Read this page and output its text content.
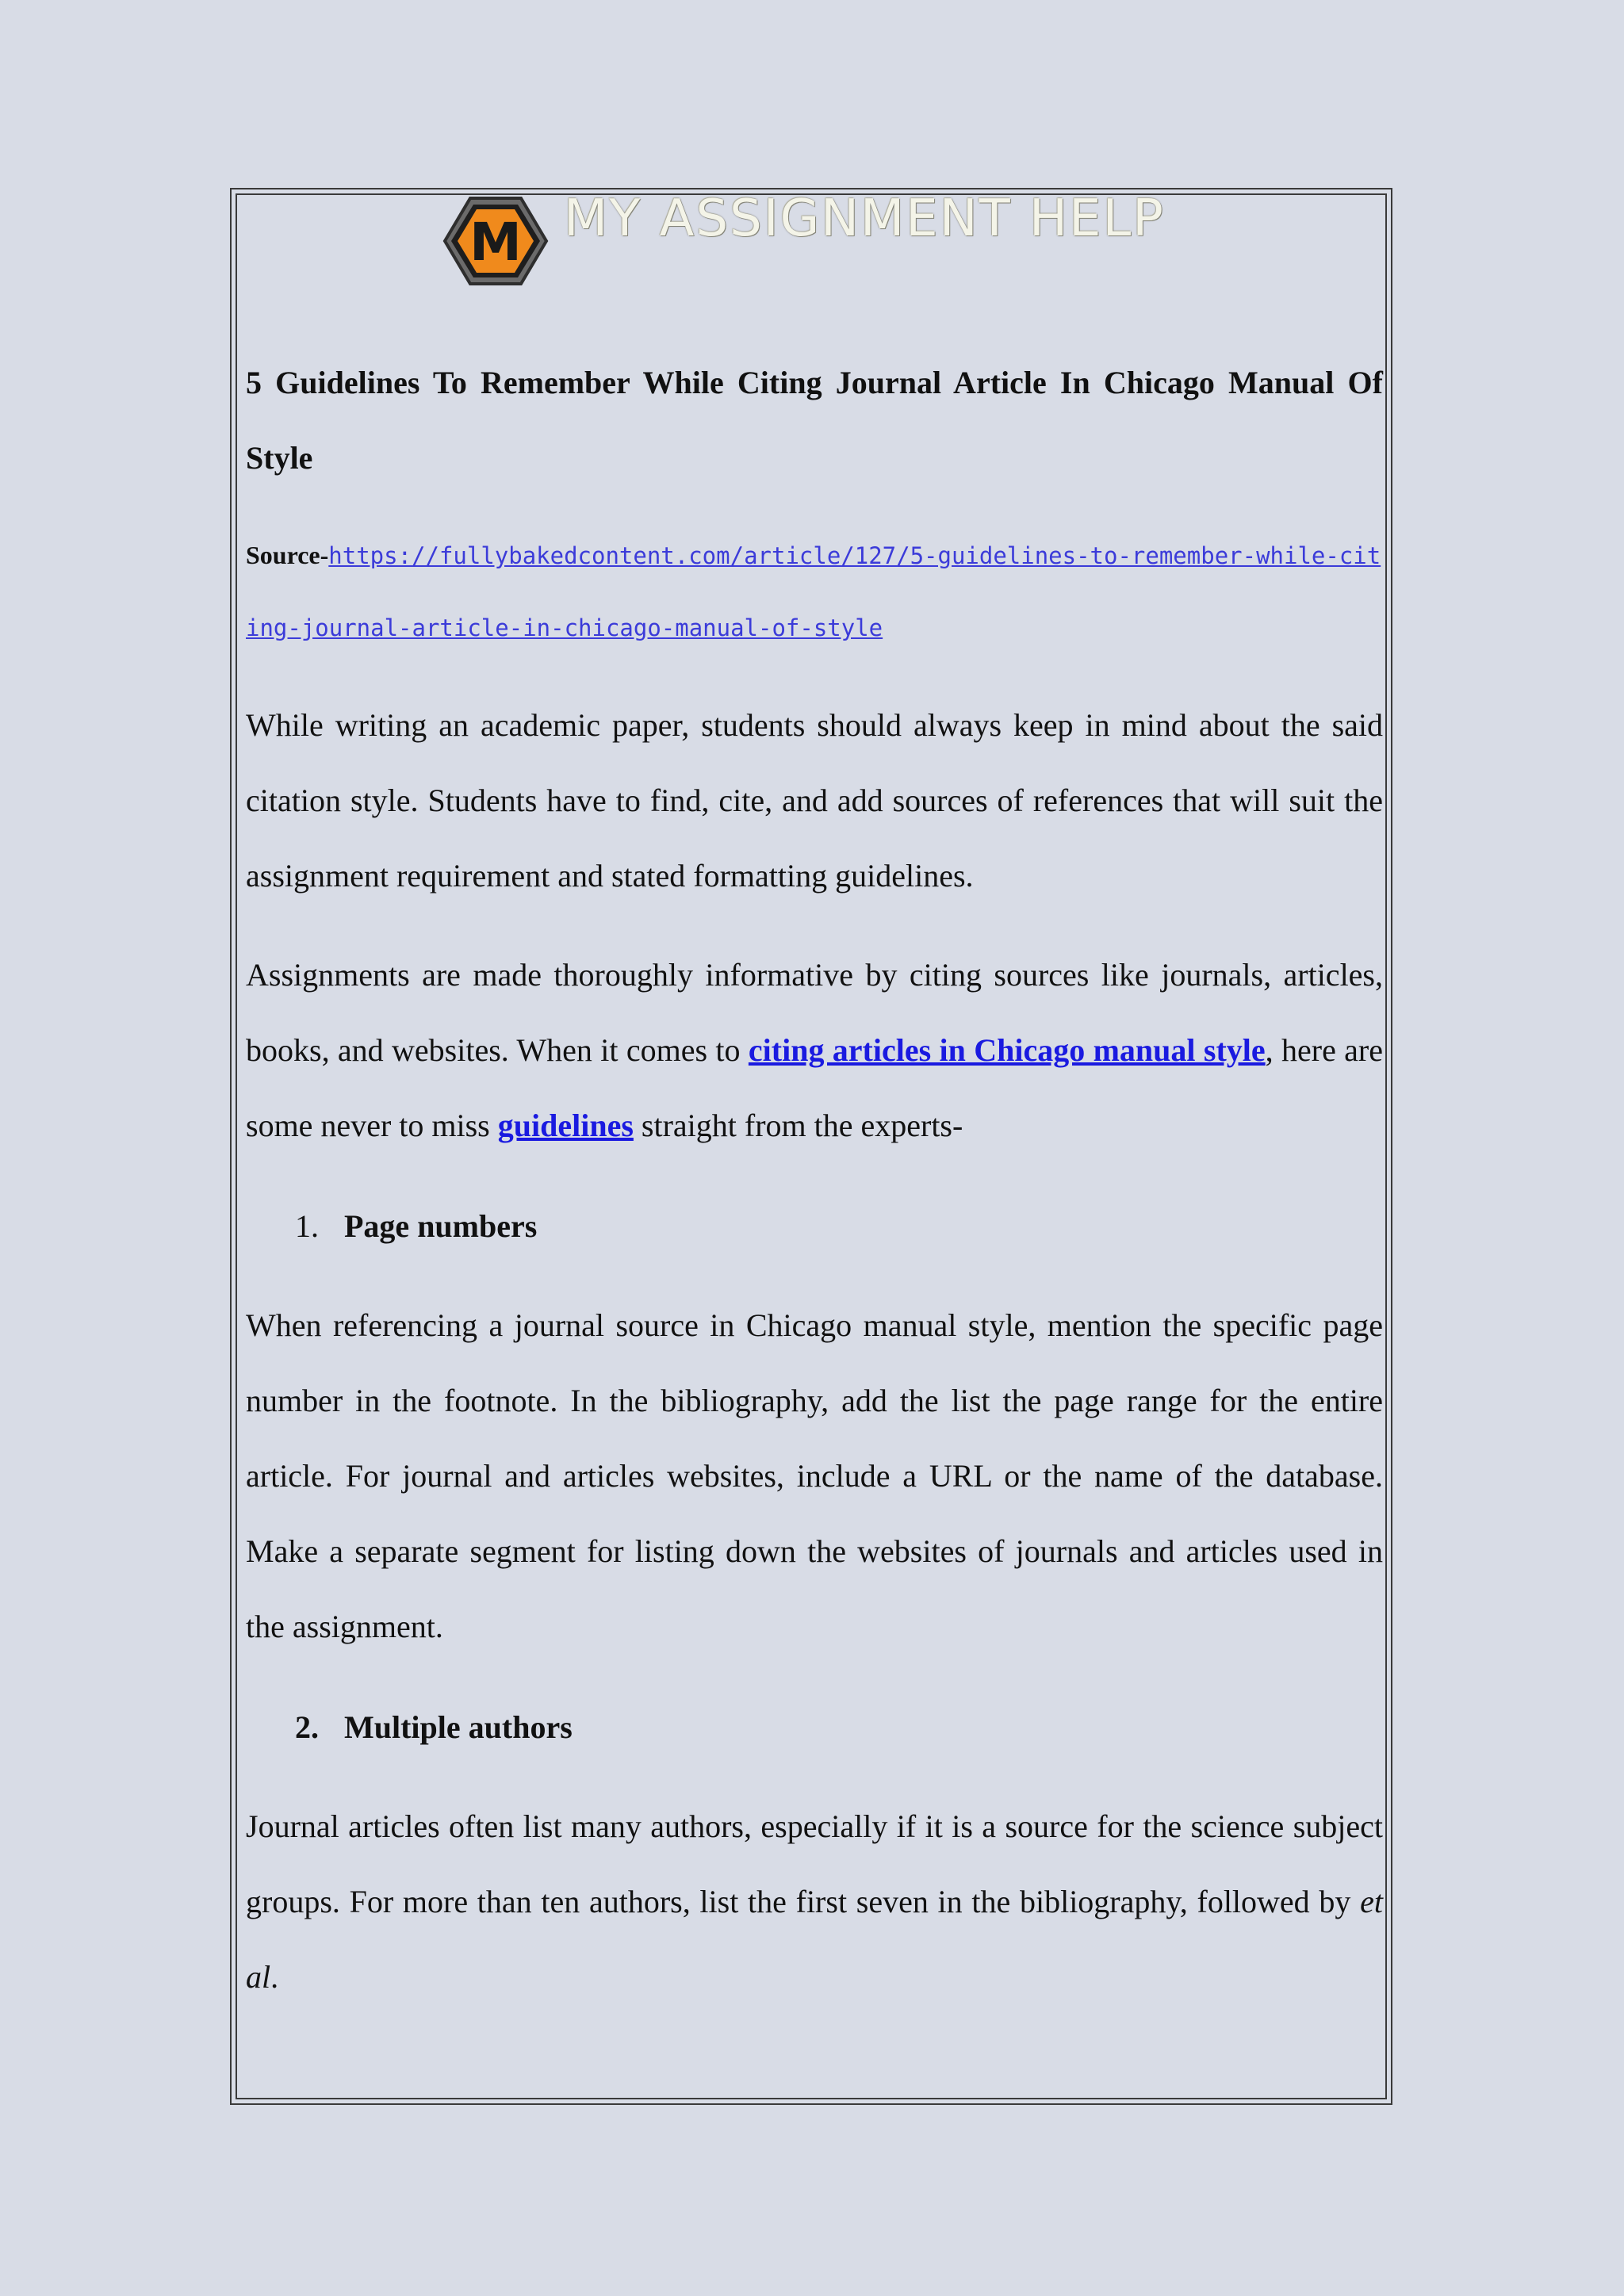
M MY ASSIGNMENT HELP
5 Guidelines To Remember While Citing Journal Article In Chicago Manual Of Style
Source-https://fullybakedcontent.com/article/127/5-guidelines-to-remember-while-citing-journal-article-in-chicago-manual-of-style

While writing an academic paper, students should always keep in mind about the said citation style. Students have to find, cite, and add sources of references that will suit the assignment requirement and stated formatting guidelines.

Assignments are made thoroughly informative by citing sources like journals, articles, books, and websites. When it comes to citing articles in Chicago manual style, here are some never to miss guidelines straight from the experts-

1. Page numbers

When referencing a journal source in Chicago manual style, mention the specific page number in the footnote. In the bibliography, add the list the page range for the entire article. For journal and articles websites, include a URL or the name of the database. Make a separate segment for listing down the websites of journals and articles used in the assignment.

2. Multiple authors

Journal articles often list many authors, especially if it is a source for the science subject groups. For more than ten authors, list the first seven in the bibliography, followed by et al.
